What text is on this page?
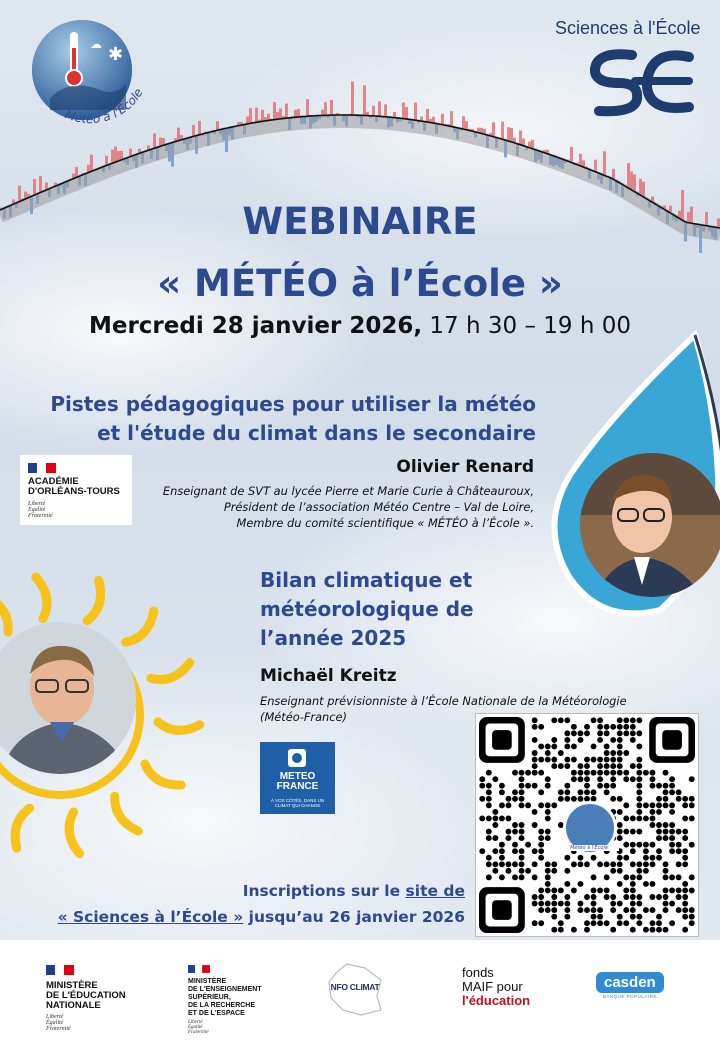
✱
☁
Météo à l'École
Sciences à l'École
WEBINAIRE
« MÉTÉO à l’École »
Mercredi 28 janvier 2026, 17 h 30 – 19 h 00
Pistes pédagogiques pour utiliser la météo
et l'étude du climat dans le secondaire
Olivier Renard
Enseignant de SVT au lycée Pierre et Marie Curie à Châteauroux,
Président de l’association Météo Centre – Val de Loire,
Membre du comité scientifique « MÉTÉO à l’École ».
ACADÉMIE
D'ORLÉANS-TOURS
Liberté
Égalité
Fraternité
Bilan climatique et
météorologique de
l’année 2025
Michaël Kreitz
Enseignant prévisionniste à l’École Nationale de la Météorologie
(Météo-France)
METEO
FRANCE
À VOS CÔTÉS, DANS UN
CLIMAT QUI CHANGE
Météo à l'École
Inscriptions sur le site de
« Sciences à l’École » jusqu’au 26 janvier 2026
MINISTÈRE
DE L'ÉDUCATION
NATIONALE
Liberté
Égalité
Fraternité
MINISTÈRE
DE L'ENSEIGNEMENT
SUPÉRIEUR,
DE LA RECHERCHE
ET DE L'ESPACE
Liberté
Égalité
Fraternité
NFO CLIMAT
fonds
MAIF pour
l'éducation
casden
BANQUE POPULAIRE
